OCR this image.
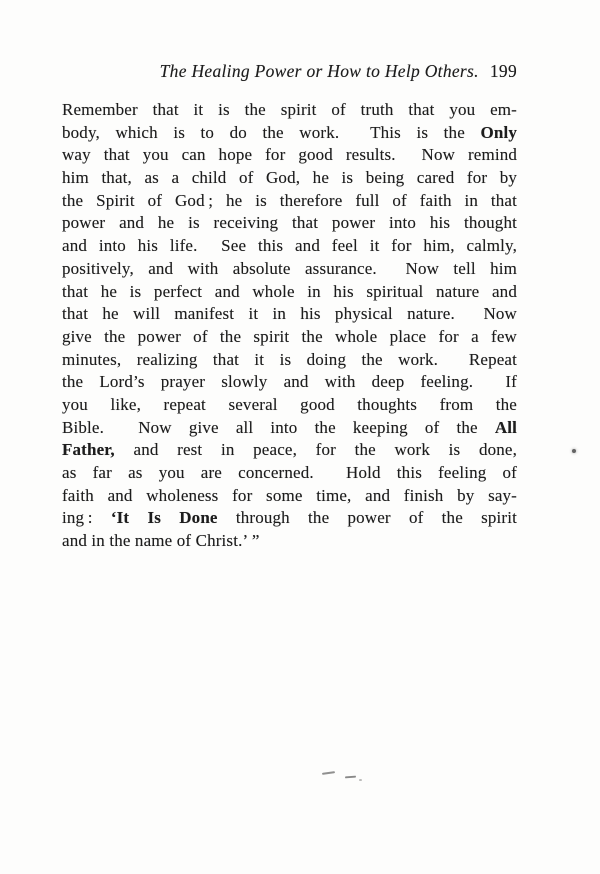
The Healing Power or How to Help Others. 199
Remember that it is the spirit of truth that you em-
body, which is to do the work.  This is the Only
way that you can hope for good results.  Now remind
him that, as a child of God, he is being cared for by
the Spirit of God ; he is therefore full of faith in that
power and he is receiving that power into his thought
and into his life.  See this and feel it for him, calmly,
positively, and with absolute assurance.  Now tell him
that he is perfect and whole in his spiritual nature and
that he will manifest it in his physical nature.  Now
give the power of the spirit the whole place for a few
minutes, realizing that it is doing the work.  Repeat
the Lord’s prayer slowly and with deep feeling.  If
you like, repeat several good thoughts from the
Bible.  Now give all into the keeping of the All
Father, and rest in peace, for the work is done,
as far as you are concerned.  Hold this feeling of
faith and wholeness for some time, and finish by say-
ing : ‘It Is Done through the power of the spirit
and in the name of Christ.’ ”
